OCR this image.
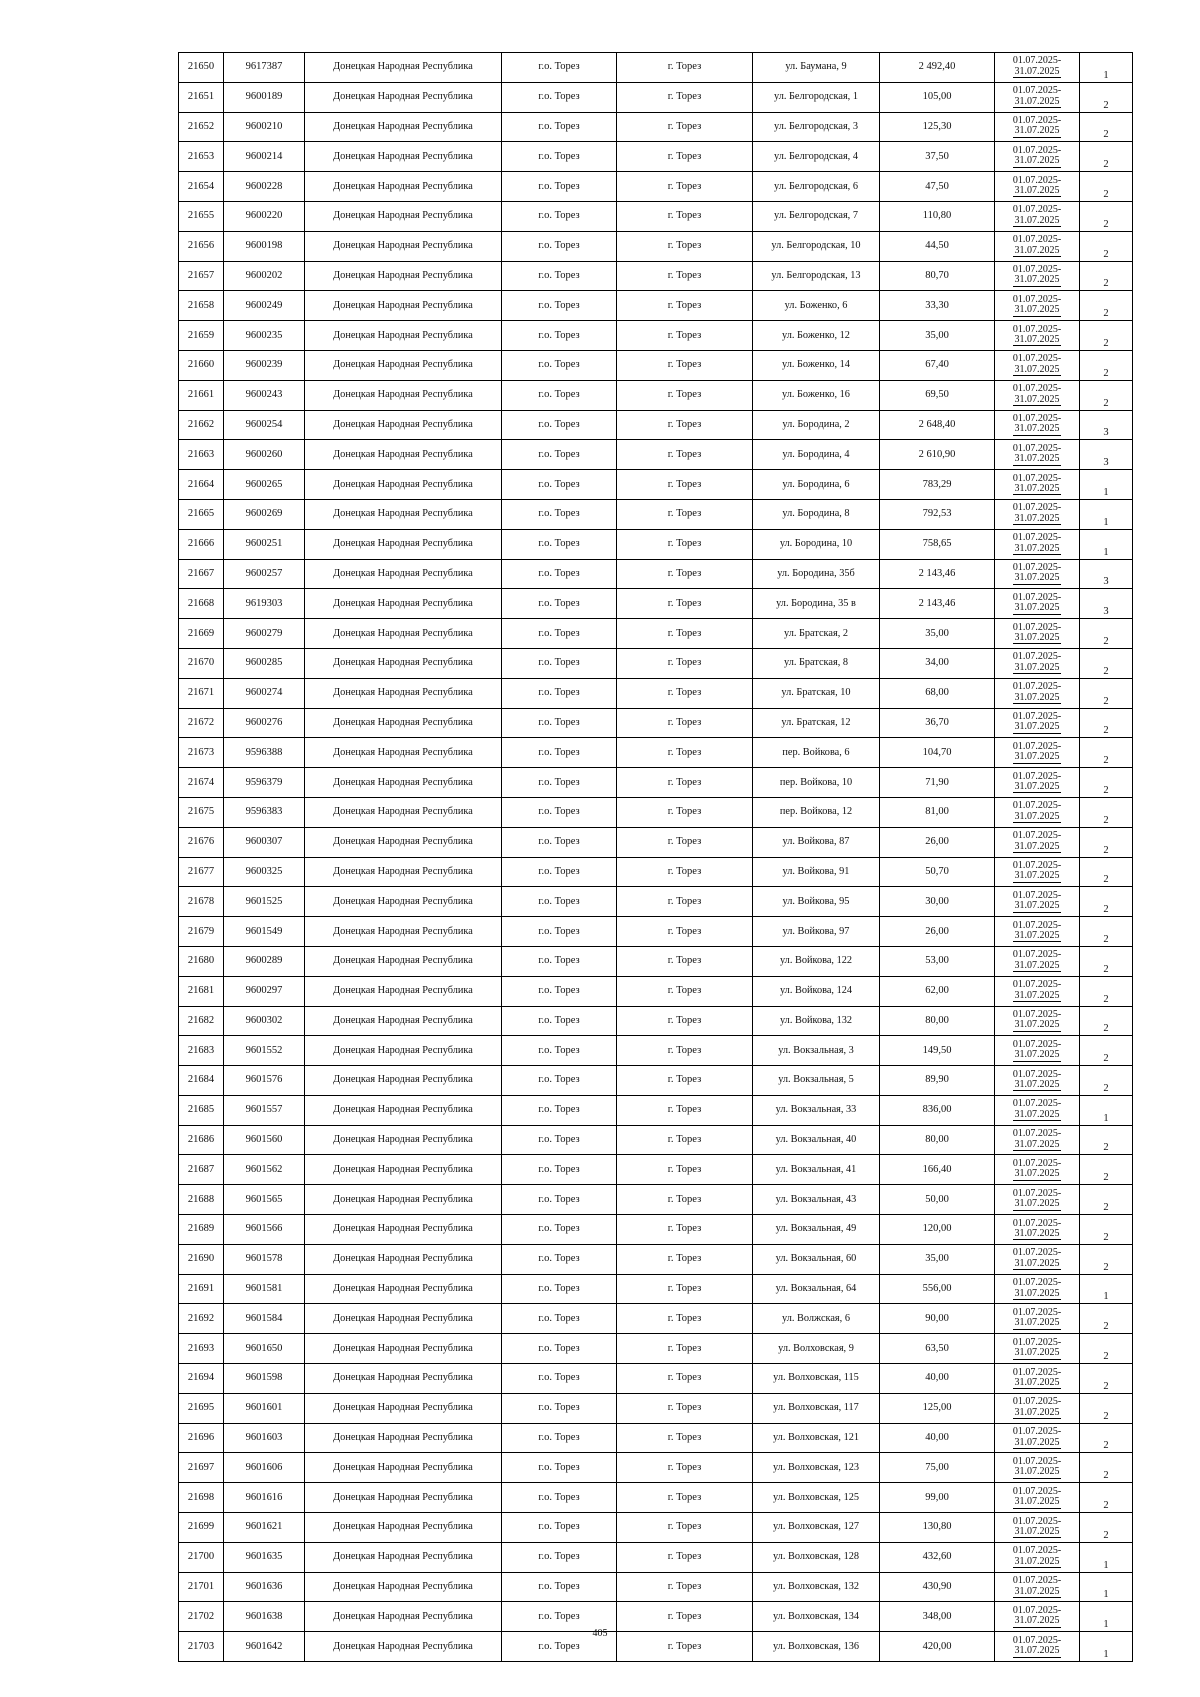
21650	9617387	Донецкая Народная Республика	г.о. Торез	г. Торез	ул. Баумана, 9	2 492,40	01.07.2025-
31.07.2025	1
21651	9600189	Донецкая Народная Республика	г.о. Торез	г. Торез	ул. Белгородская, 1	105,00	01.07.2025-
31.07.2025	2
21652	9600210	Донецкая Народная Республика	г.о. Торез	г. Торез	ул. Белгородская, 3	125,30	01.07.2025-
31.07.2025	2
21653	9600214	Донецкая Народная Республика	г.о. Торез	г. Торез	ул. Белгородская, 4	37,50	01.07.2025-
31.07.2025	2
21654	9600228	Донецкая Народная Республика	г.о. Торез	г. Торез	ул. Белгородская, 6	47,50	01.07.2025-
31.07.2025	2
21655	9600220	Донецкая Народная Республика	г.о. Торез	г. Торез	ул. Белгородская, 7	110,80	01.07.2025-
31.07.2025	2
21656	9600198	Донецкая Народная Республика	г.о. Торез	г. Торез	ул. Белгородская, 10	44,50	01.07.2025-
31.07.2025	2
21657	9600202	Донецкая Народная Республика	г.о. Торез	г. Торез	ул. Белгородская, 13	80,70	01.07.2025-
31.07.2025	2
21658	9600249	Донецкая Народная Республика	г.о. Торез	г. Торез	ул. Боженко, 6	33,30	01.07.2025-
31.07.2025	2
21659	9600235	Донецкая Народная Республика	г.о. Торез	г. Торез	ул. Боженко, 12	35,00	01.07.2025-
31.07.2025	2
21660	9600239	Донецкая Народная Республика	г.о. Торез	г. Торез	ул. Боженко, 14	67,40	01.07.2025-
31.07.2025	2
21661	9600243	Донецкая Народная Республика	г.о. Торез	г. Торез	ул. Боженко, 16	69,50	01.07.2025-
31.07.2025	2
21662	9600254	Донецкая Народная Республика	г.о. Торез	г. Торез	ул. Бородина, 2	2 648,40	01.07.2025-
31.07.2025	3
21663	9600260	Донецкая Народная Республика	г.о. Торез	г. Торез	ул. Бородина, 4	2 610,90	01.07.2025-
31.07.2025	3
21664	9600265	Донецкая Народная Республика	г.о. Торез	г. Торез	ул. Бородина, 6	783,29	01.07.2025-
31.07.2025	1
21665	9600269	Донецкая Народная Республика	г.о. Торез	г. Торез	ул. Бородина, 8	792,53	01.07.2025-
31.07.2025	1
21666	9600251	Донецкая Народная Республика	г.о. Торез	г. Торез	ул. Бородина, 10	758,65	01.07.2025-
31.07.2025	1
21667	9600257	Донецкая Народная Республика	г.о. Торез	г. Торез	ул. Бородина, 35б	2 143,46	01.07.2025-
31.07.2025	3
21668	9619303	Донецкая Народная Республика	г.о. Торез	г. Торез	ул. Бородина, 35 в	2 143,46	01.07.2025-
31.07.2025	3
21669	9600279	Донецкая Народная Республика	г.о. Торез	г. Торез	ул. Братская, 2	35,00	01.07.2025-
31.07.2025	2
21670	9600285	Донецкая Народная Республика	г.о. Торез	г. Торез	ул. Братская, 8	34,00	01.07.2025-
31.07.2025	2
21671	9600274	Донецкая Народная Республика	г.о. Торез	г. Торез	ул. Братская, 10	68,00	01.07.2025-
31.07.2025	2
21672	9600276	Донецкая Народная Республика	г.о. Торез	г. Торез	ул. Братская, 12	36,70	01.07.2025-
31.07.2025	2
21673	9596388	Донецкая Народная Республика	г.о. Торез	г. Торез	пер. Войкова, 6	104,70	01.07.2025-
31.07.2025	2
21674	9596379	Донецкая Народная Республика	г.о. Торез	г. Торез	пер. Войкова, 10	71,90	01.07.2025-
31.07.2025	2
21675	9596383	Донецкая Народная Республика	г.о. Торез	г. Торез	пер. Войкова, 12	81,00	01.07.2025-
31.07.2025	2
21676	9600307	Донецкая Народная Республика	г.о. Торез	г. Торез	ул. Войкова, 87	26,00	01.07.2025-
31.07.2025	2
21677	9600325	Донецкая Народная Республика	г.о. Торез	г. Торез	ул. Войкова, 91	50,70	01.07.2025-
31.07.2025	2
21678	9601525	Донецкая Народная Республика	г.о. Торез	г. Торез	ул. Войкова, 95	30,00	01.07.2025-
31.07.2025	2
21679	9601549	Донецкая Народная Республика	г.о. Торез	г. Торез	ул. Войкова, 97	26,00	01.07.2025-
31.07.2025	2
21680	9600289	Донецкая Народная Республика	г.о. Торез	г. Торез	ул. Войкова, 122	53,00	01.07.2025-
31.07.2025	2
21681	9600297	Донецкая Народная Республика	г.о. Торез	г. Торез	ул. Войкова, 124	62,00	01.07.2025-
31.07.2025	2
21682	9600302	Донецкая Народная Республика	г.о. Торез	г. Торез	ул. Войкова, 132	80,00	01.07.2025-
31.07.2025	2
21683	9601552	Донецкая Народная Республика	г.о. Торез	г. Торез	ул. Вокзальная, 3	149,50	01.07.2025-
31.07.2025	2
21684	9601576	Донецкая Народная Республика	г.о. Торез	г. Торез	ул. Вокзальная, 5	89,90	01.07.2025-
31.07.2025	2
21685	9601557	Донецкая Народная Республика	г.о. Торез	г. Торез	ул. Вокзальная, 33	836,00	01.07.2025-
31.07.2025	1
21686	9601560	Донецкая Народная Республика	г.о. Торез	г. Торез	ул. Вокзальная, 40	80,00	01.07.2025-
31.07.2025	2
21687	9601562	Донецкая Народная Республика	г.о. Торез	г. Торез	ул. Вокзальная, 41	166,40	01.07.2025-
31.07.2025	2
21688	9601565	Донецкая Народная Республика	г.о. Торез	г. Торез	ул. Вокзальная, 43	50,00	01.07.2025-
31.07.2025	2
21689	9601566	Донецкая Народная Республика	г.о. Торез	г. Торез	ул. Вокзальная, 49	120,00	01.07.2025-
31.07.2025	2
21690	9601578	Донецкая Народная Республика	г.о. Торез	г. Торез	ул. Вокзальная, 60	35,00	01.07.2025-
31.07.2025	2
21691	9601581	Донецкая Народная Республика	г.о. Торез	г. Торез	ул. Вокзальная, 64	556,00	01.07.2025-
31.07.2025	1
21692	9601584	Донецкая Народная Республика	г.о. Торез	г. Торез	ул. Волжская, 6	90,00	01.07.2025-
31.07.2025	2
21693	9601650	Донецкая Народная Республика	г.о. Торез	г. Торез	ул. Волховская, 9	63,50	01.07.2025-
31.07.2025	2
21694	9601598	Донецкая Народная Республика	г.о. Торез	г. Торез	ул. Волховская, 115	40,00	01.07.2025-
31.07.2025	2
21695	9601601	Донецкая Народная Республика	г.о. Торез	г. Торез	ул. Волховская, 117	125,00	01.07.2025-
31.07.2025	2
21696	9601603	Донецкая Народная Республика	г.о. Торез	г. Торез	ул. Волховская, 121	40,00	01.07.2025-
31.07.2025	2
21697	9601606	Донецкая Народная Республика	г.о. Торез	г. Торез	ул. Волховская, 123	75,00	01.07.2025-
31.07.2025	2
21698	9601616	Донецкая Народная Республика	г.о. Торез	г. Торез	ул. Волховская, 125	99,00	01.07.2025-
31.07.2025	2
21699	9601621	Донецкая Народная Республика	г.о. Торез	г. Торез	ул. Волховская, 127	130,80	01.07.2025-
31.07.2025	2
21700	9601635	Донецкая Народная Республика	г.о. Торез	г. Торез	ул. Волховская, 128	432,60	01.07.2025-
31.07.2025	1
21701	9601636	Донецкая Народная Республика	г.о. Торез	г. Торез	ул. Волховская, 132	430,90	01.07.2025-
31.07.2025	1
21702	9601638	Донецкая Народная Республика	г.о. Торез	г. Торез	ул. Волховская, 134	348,00	01.07.2025-
31.07.2025	1
21703	9601642	Донецкая Народная Республика	г.о. Торез	г. Торез	ул. Волховская, 136	420,00	01.07.2025-
31.07.2025	1
405
